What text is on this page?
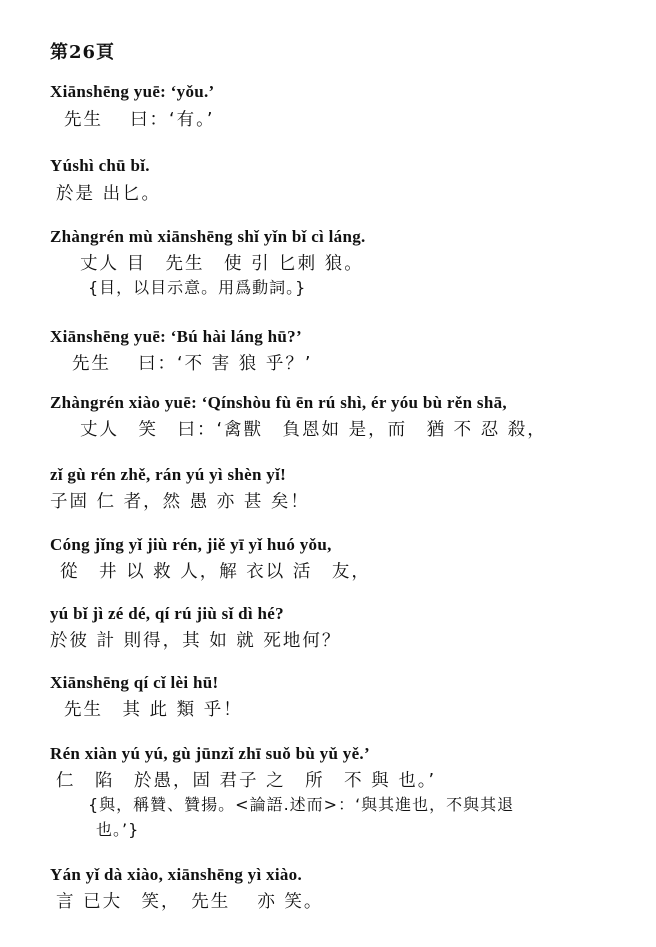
第26頁
Xiānshēng yuē: ‘yǒu.’
先生　 曰：‘有。’
Yúshì chū bǐ.
於是 出匕。
Zhàngrén mù xiānshēng shǐ yǐn bǐ cì láng.
丈人 目　先生　使 引 匕刺 狼。
{目，以目示意。用爲動詞。}
Xiānshēng yuē: ‘Bú hài láng hū?’
先生　 曰：‘不 害 狼 乎？’
Zhàngrén xiào yuē: ‘Qínshòu fù ēn rú shì, ér yóu bù rěn shā,
丈人　笑　曰：‘禽獸　負恩如 是，而　猶 不 忍 殺，
zǐ gù rén zhě, rán yú yì shèn yǐ!
子固 仁 者，然 愚 亦 甚 矣！
Cóng jǐng yǐ jiù rén, jiě yī yǐ huó yǒu,
從　井 以 救 人，解 衣以 活　友，
yú bǐ jì zé dé, qí rú jiù sǐ dì hé?
於彼 計 則得，其 如 就 死地何？
Xiānshēng qí cǐ lèi hū!
先生　其 此 類 乎！
Rén xiàn yú yú, gù jūnzǐ zhī suǒ bù yǔ yě.’
仁　陷　於愚，固 君子 之　所　不 與 也。’
{與，稱贊、贊揚。<論語.述而>：‘與其進也，不與其退
也。’}
Yán yǐ dà xiào, xiānshēng yì xiào.
言 已大　笑，　先生　 亦 笑。
